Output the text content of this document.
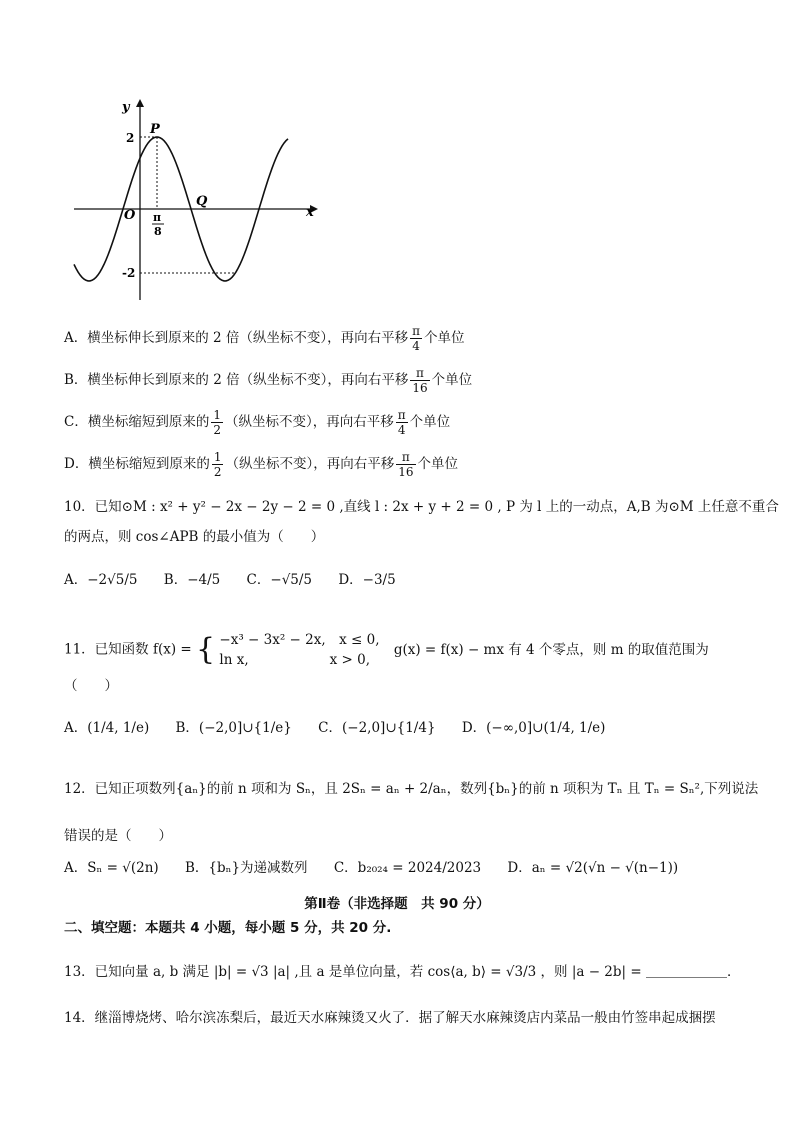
y
x
P
Q
O
2
-2
π
8
A．横坐标伸长到原来的 2 倍（纵坐标不变），再向右平移 $\frac{\pi}{4}$ 个单位
B．横坐标伸长到原来的 2 倍（纵坐标不变），再向右平移 $\frac{\pi}{16}$ 个单位
C．横坐标缩短到原来的 $\frac{1}{2}$ （纵坐标不变），再向右平移 $\frac{\pi}{4}$ 个单位
D．横坐标缩短到原来的 $\frac{1}{2}$ （纵坐标不变），再向右平移 $\frac{\pi}{16}$ 个单位
10．已知⊙M : x² + y² − 2x − 2y − 2 = 0 ,直线 l : 2x + y + 2 = 0 , P 为 l 上的一动点，A,B 为⊙M 上任意不重合
的两点，则 cos∠APB 的最小值为（　　）
A．−2√5/5 B．−4/5 C．−√5/5 D．−3/5
11．已知函数 f(x) = { −x³ − 3x² − 2x,　x ≤ 0,
ln x,　　　　　　x > 0,
g(x) = f(x) − mx 有 4 个零点，则 m 的取值范围为
（　　）
A．(1/4, 1/e) B．(−2,0]∪{1/e} C．(−2,0]∪{1/4} D．(−∞,0]∪(1/4, 1/e)
12．已知正项数列{aₙ}的前 n 项和为 Sₙ，且 2Sₙ = aₙ + 2/aₙ，数列{bₙ}的前 n 项积为 Tₙ 且 Tₙ = Sₙ²,下列说法
错误的是（　　）
A．Sₙ = √(2n) B．{bₙ}为递减数列 C．b₂₀₂₄ = 2024/2023 D．aₙ = √2(√n − √(n−1))
第Ⅱ卷（非选择题　共 90 分）
二、填空题：本题共 4 小题，每小题 5 分，共 20 分.
13．已知向量 a, b 满足 |b| = √3 |a| ,且 a 是单位向量，若 cos⟨a, b⟩ = √3/3 ，则 |a − 2b| = ＿＿＿＿＿＿．
14．继淄博烧烤、哈尔滨冻梨后，最近天水麻辣烫又火了．据了解天水麻辣烫店内菜品一般由竹签串起成捆摆
